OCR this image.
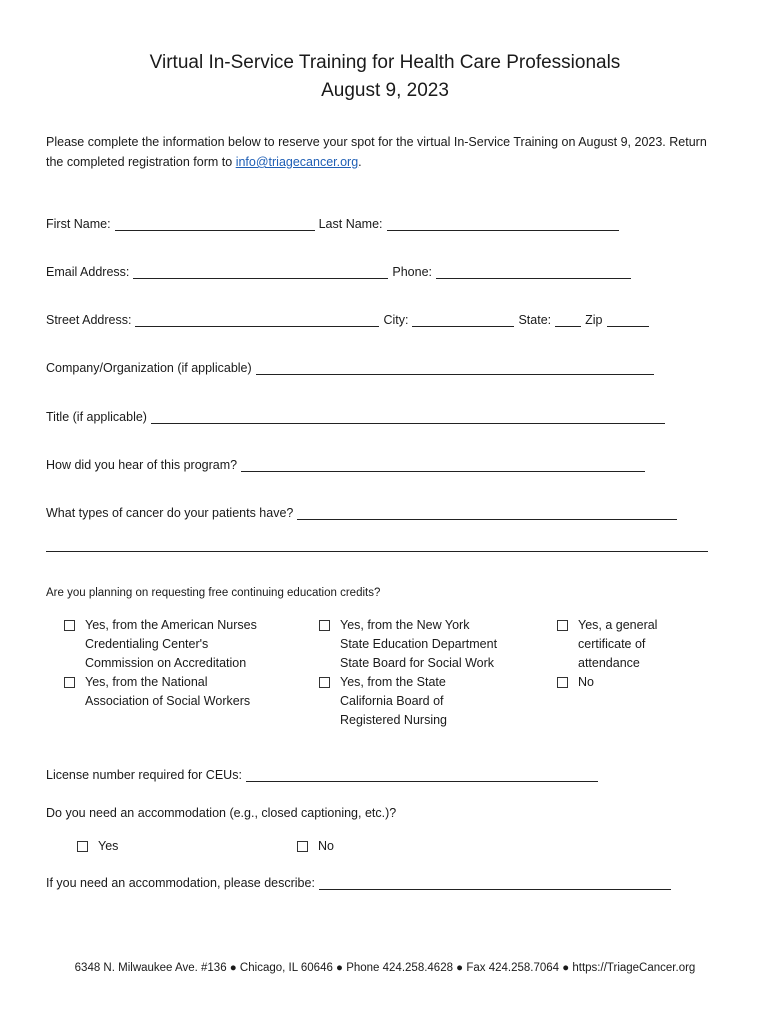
Virtual In-Service Training for Health Care Professionals
August 9, 2023
Please complete the information below to reserve your spot for the virtual In-Service Training on August 9, 2023. Return the completed registration form to info@triagecancer.org.
First Name:	Last Name:
Email Address:	Phone:
Street Address:	City:	State:	Zip
Company/Organization (if applicable)
Title (if applicable)
How did you hear of this program?
What types of cancer do your patients have?
Are you planning on requesting free continuing education credits?
Yes, from the American Nurses
Credentialing Center's
Commission on Accreditation
Yes, from the National
Association of Social Workers
Yes, from the New York
State Education Department
State Board for Social Work
Yes, from the State
California Board of
Registered Nursing
Yes, a general
certificate of
attendance
No
License number required for CEUs:
Do you need an accommodation (e.g., closed captioning, etc.)?
Yes	No
If you need an accommodation, please describe:
6348 N. Milwaukee Ave. #136 ● Chicago, IL 60646 ● Phone 424.258.4628 ● Fax 424.258.7064 ● https://TriageCancer.org
